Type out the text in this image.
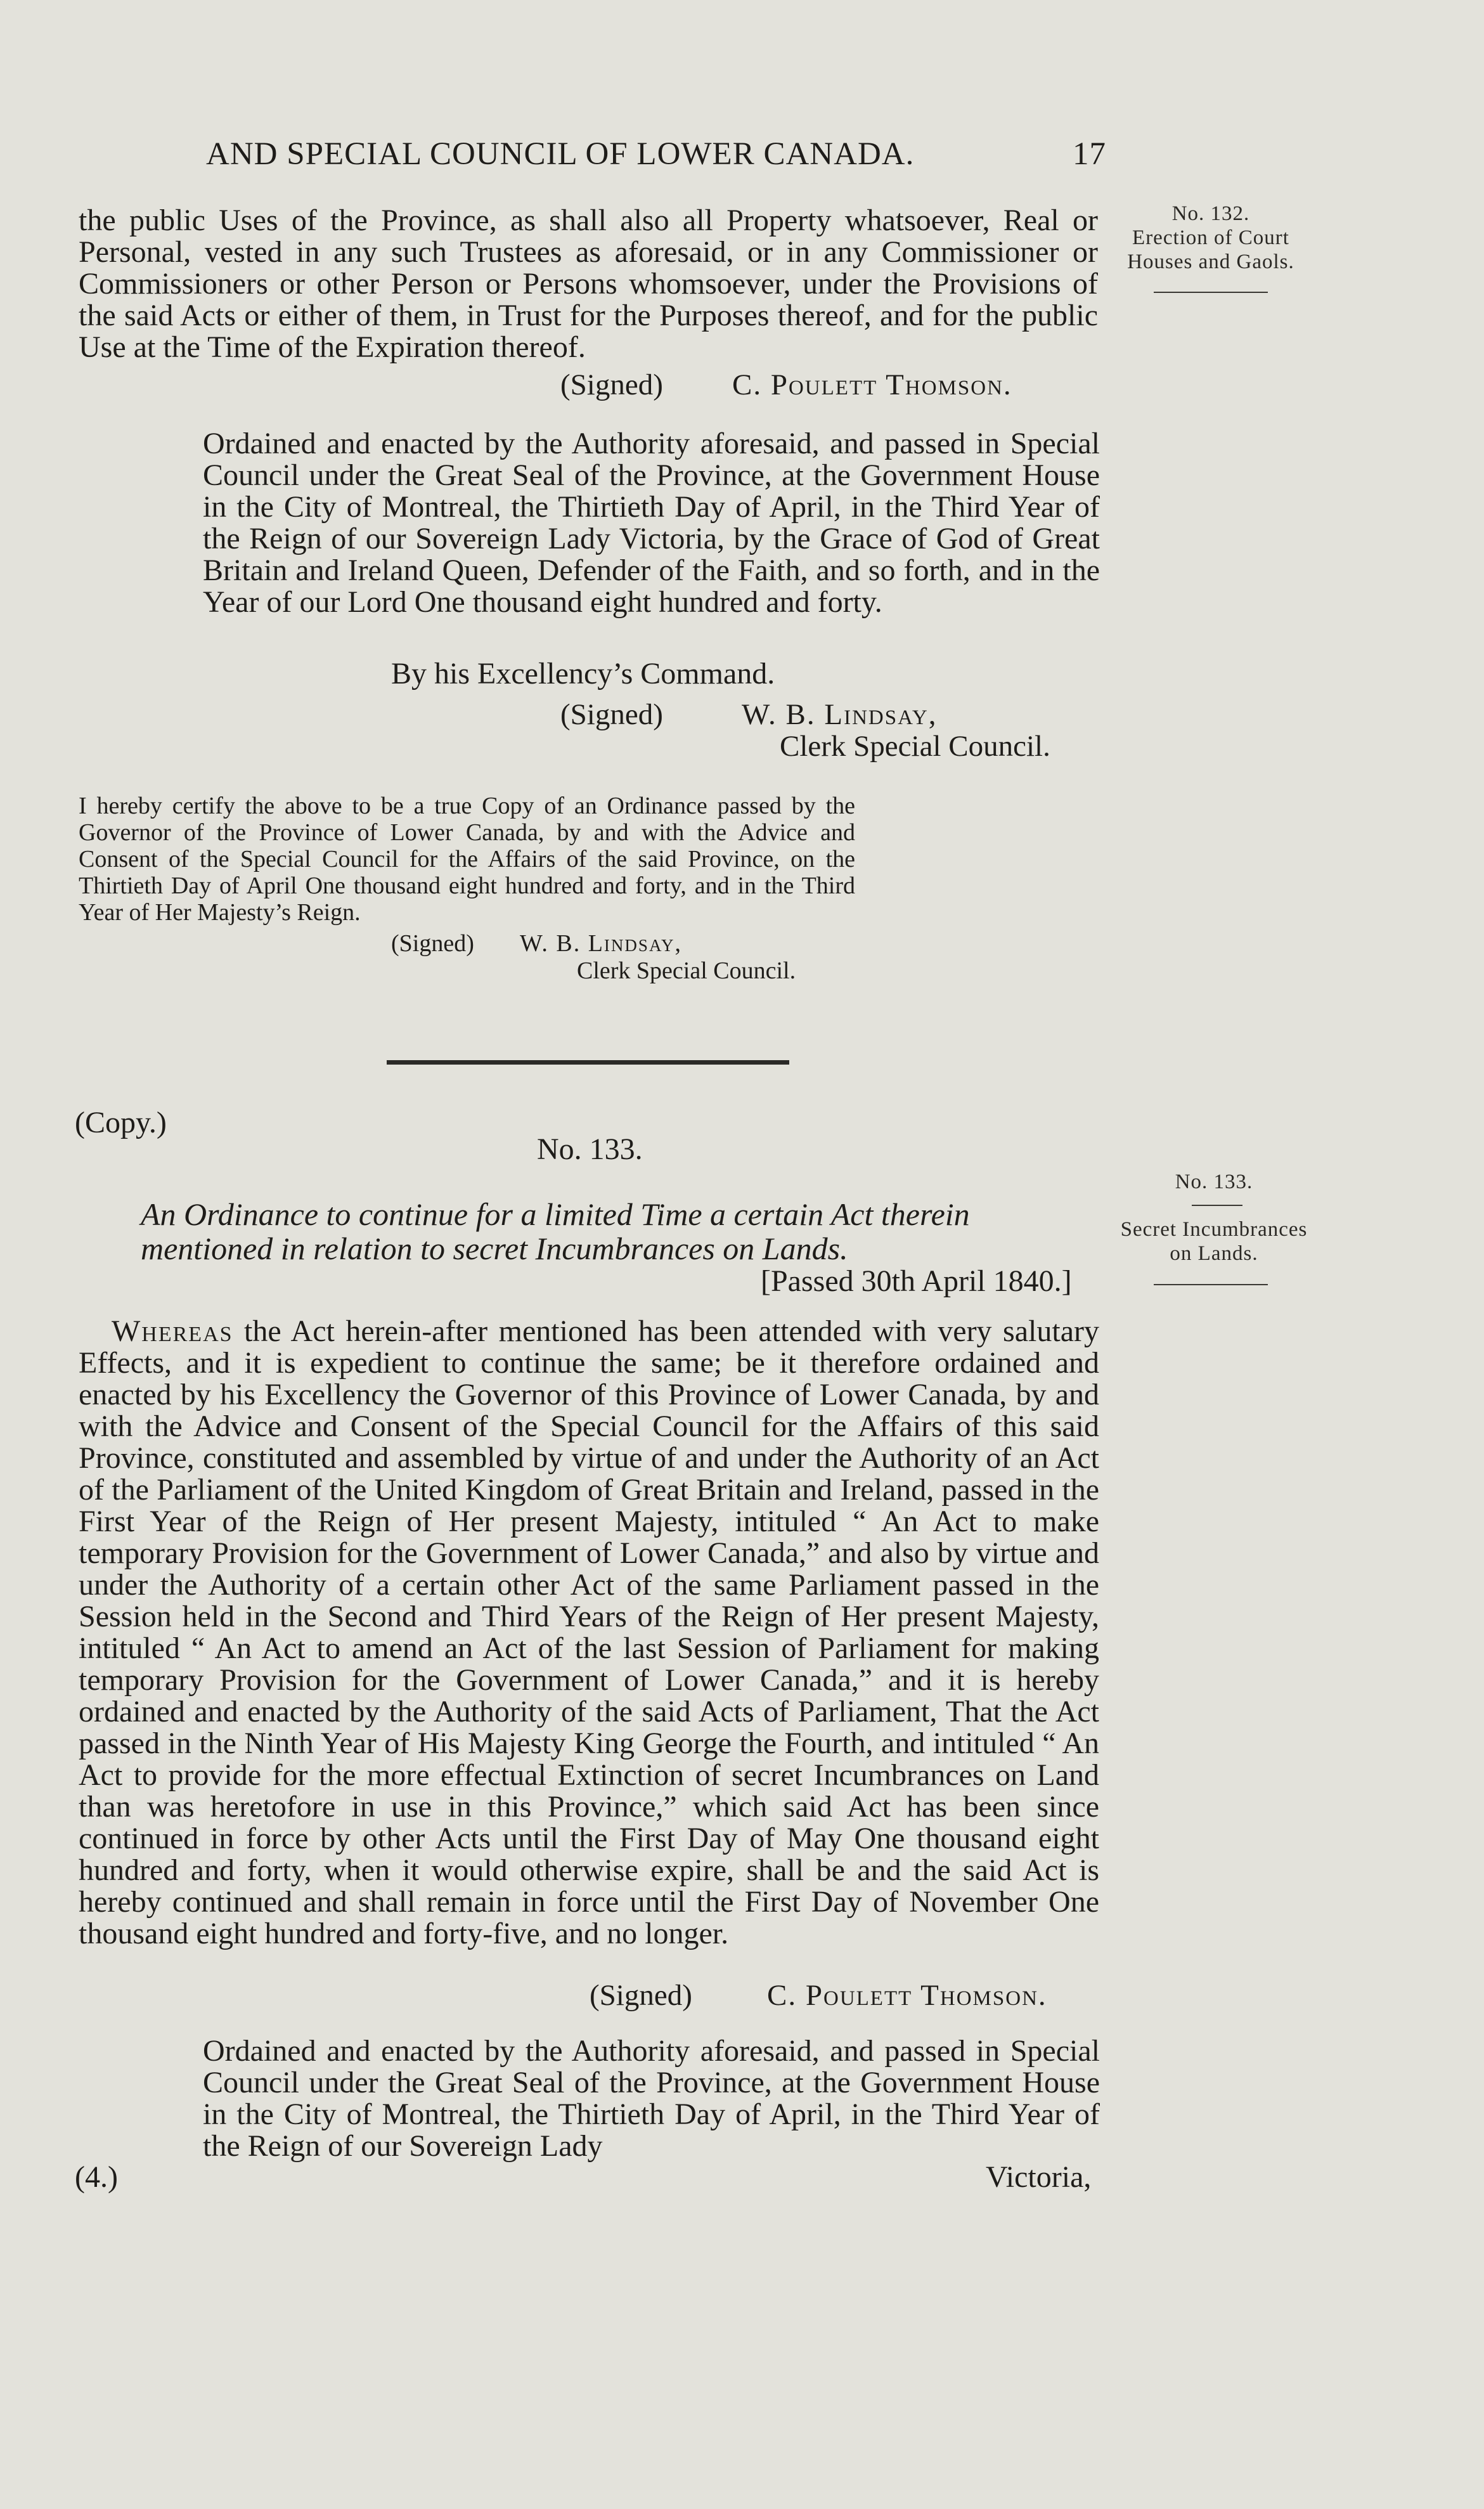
AND SPECIAL COUNCIL OF LOWER CANADA.	17
the public Uses of the Province, as shall also all Property whatsoever, Real or Personal, vested in any such Trustees as aforesaid, or in any Commissioner or Commissioners or other Person or Persons whomsoever, under the Provisions of the said Acts or either of them, in Trust for the Purposes thereof, and for the public Use at the Time of the Expiration thereof.
No. 132.
Erection of Court Houses and Gaols.
(Signed) C. Poulett Thomson.
Ordained and enacted by the Authority aforesaid, and passed in Special Council under the Great Seal of the Province, at the Government House in the City of Montreal, the Thirtieth Day of April, in the Third Year of the Reign of our Sovereign Lady Victoria, by the Grace of God of Great Britain and Ireland Queen, Defender of the Faith, and so forth, and in the Year of our Lord One thousand eight hundred and forty.
By his Excellency’s Command.
(Signed)	W. B. Lindsay,
Clerk Special Council.
I hereby certify the above to be a true Copy of an Ordinance passed by the Governor of the Province of Lower Canada, by and with the Advice and Consent of the Special Council for the Affairs of the said Province, on the Thirtieth Day of April One thousand eight hundred and forty, and in the Third Year of Her Majesty’s Reign.
(Signed) W. B. Lindsay,
Clerk Special Council.
(Copy.)
No. 133.
No. 133.
Secret Incumbrances on Lands.
An Ordinance to continue for a limited Time a certain Act therein mentioned in relation to secret Incumbrances on Lands.
[Passed 30th April 1840.]
Whereas the Act herein-after mentioned has been attended with very salutary Effects, and it is expedient to continue the same; be it therefore ordained and enacted by his Excellency the Governor of this Province of Lower Canada, by and with the Advice and Consent of the Special Council for the Affairs of this said Province, constituted and assembled by virtue of and under the Authority of an Act of the Parliament of the United Kingdom of Great Britain and Ireland, passed in the First Year of the Reign of Her present Majesty, intituled “ An Act to make temporary Provision for the Government of Lower Canada,” and also by virtue and under the Authority of a certain other Act of the same Parliament passed in the Session held in the Second and Third Years of the Reign of Her present Majesty, intituled “ An Act to amend an Act of the last Session of Parliament for making temporary Provision for the Government of Lower Canada,” and it is hereby ordained and enacted by the Authority of the said Acts of Parliament, That the Act passed in the Ninth Year of His Majesty King George the Fourth, and intituled “ An Act to provide for the more effectual Extinction of secret Incumbrances on Land than was heretofore in use in this Province,” which said Act has been since continued in force by other Acts until the First Day of May One thousand eight hundred and forty, when it would otherwise expire, shall be and the said Act is hereby continued and shall remain in force until the First Day of November One thousand eight hundred and forty-five, and no longer.
(Signed)	C. Poulett Thomson.
Ordained and enacted by the Authority aforesaid, and passed in Special Council under the Great Seal of the Province, at the Government House in the City of Montreal, the Thirtieth Day of April, in the Third Year of the Reign of our Sovereign Lady
(4.)	Victoria,
